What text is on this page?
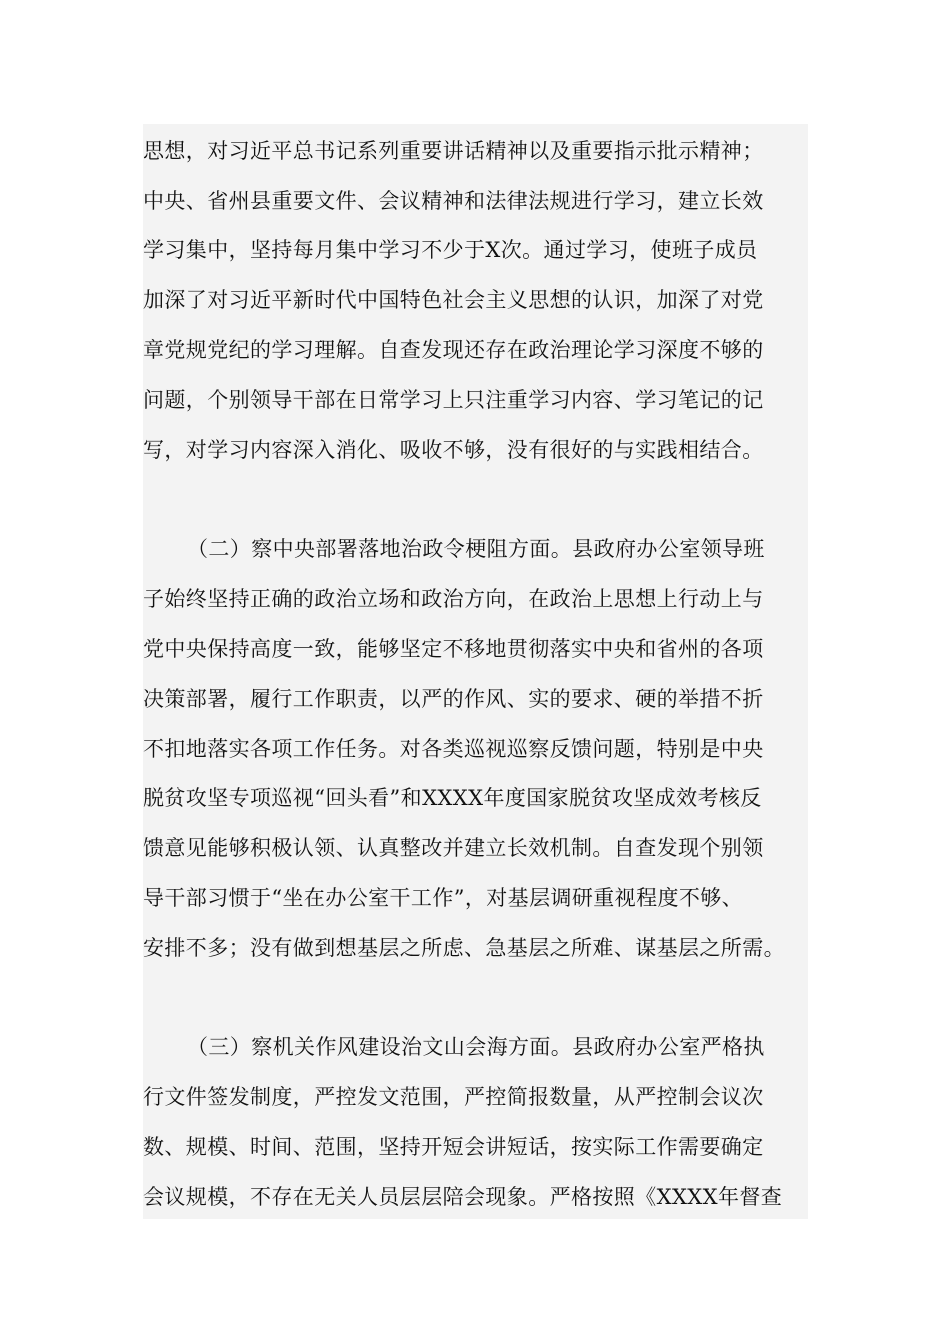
思想，对习近平总书记系列重要讲话精神以及重要指示批示精神；
中央、省州县重要文件、会议精神和法律法规进行学习，建立长效
学习集中，坚持每月集中学习不少于X次。通过学习，使班子成员
加深了对习近平新时代中国特色社会主义思想的认识，加深了对党
章党规党纪的学习理解。自查发现还存在政治理论学习深度不够的
问题，个别领导干部在日常学习上只注重学习内容、学习笔记的记
写，对学习内容深入消化、吸收不够，没有很好的与实践相结合。
（二）察中央部署落地治政令梗阻方面。县政府办公室领导班
子始终坚持正确的政治立场和政治方向，在政治上思想上行动上与
党中央保持高度一致，能够坚定不移地贯彻落实中央和省州的各项
决策部署，履行工作职责，以严的作风、实的要求、硬的举措不折
不扣地落实各项工作任务。对各类巡视巡察反馈问题，特别是中央
脱贫攻坚专项巡视“回头看”和XXXX年度国家脱贫攻坚成效考核反
馈意见能够积极认领、认真整改并建立长效机制。自查发现个别领
导干部习惯于“坐在办公室干工作”，对基层调研重视程度不够、
安排不多；没有做到想基层之所虑、急基层之所难、谋基层之所需。
（三）察机关作风建设治文山会海方面。县政府办公室严格执
行文件签发制度，严控发文范围，严控简报数量，从严控制会议次
数、规模、时间、范围，坚持开短会讲短话，按实际工作需要确定
会议规模，不存在无关人员层层陪会现象。严格按照《XXXX年督查
